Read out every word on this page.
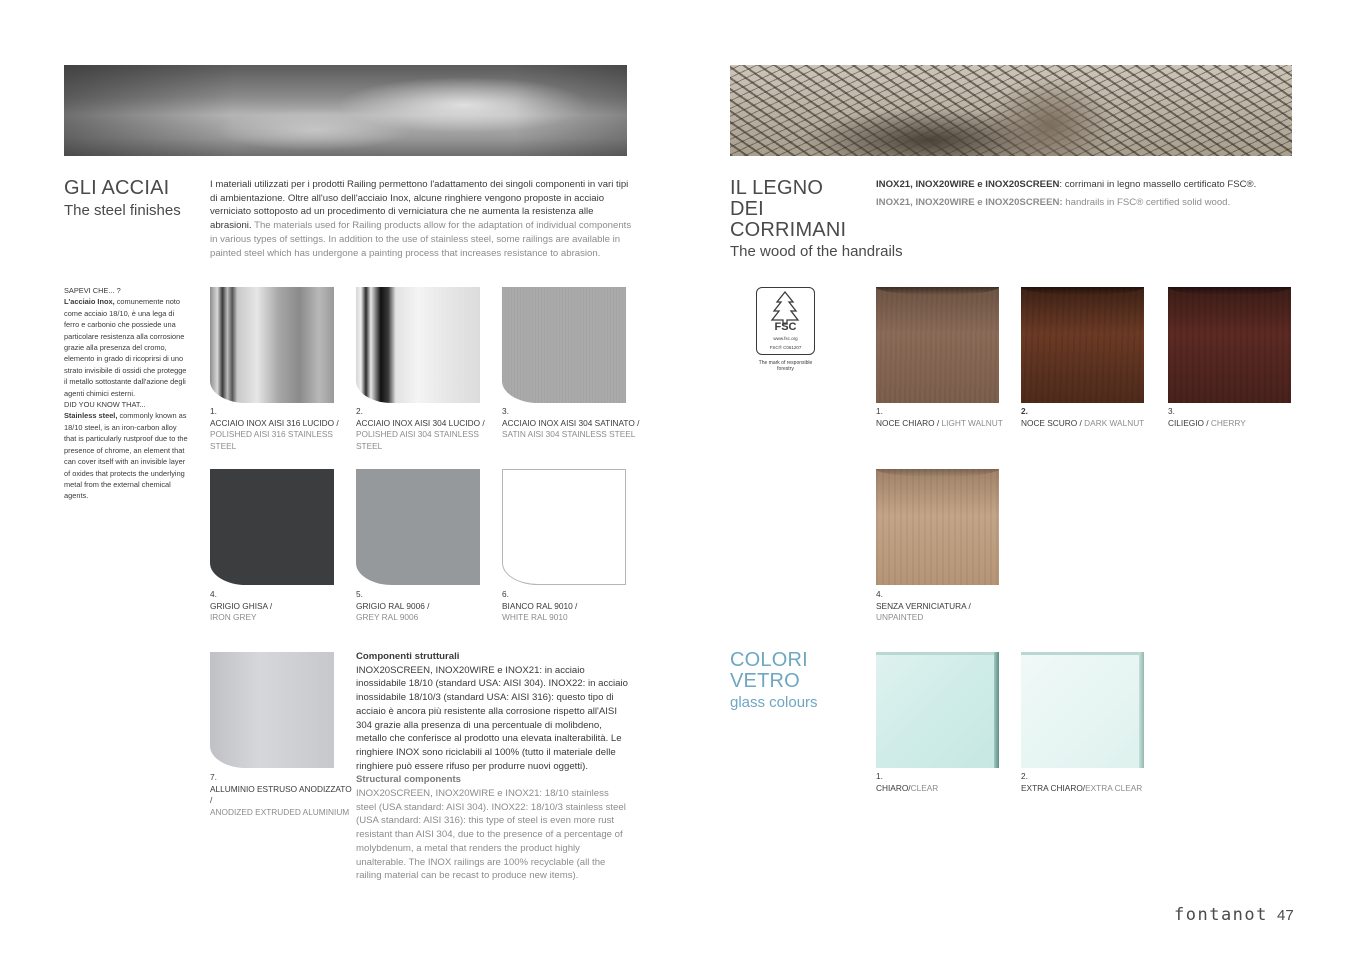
GLI ACCIAI
The steel finishes
I materiali utilizzati per i prodotti Railing permettono l'adattamento dei singoli componenti in vari tipi di ambientazione. Oltre all'uso dell'acciaio Inox, alcune ringhiere vengono proposte in acciaio verniciato sottoposto ad un procedimento di verniciatura che ne aumenta la resistenza alle abrasioni. The materials used for Railing products allow for the adaptation of individual components in various types of settings. In addition to the use of stainless steel, some railings are available in painted steel which has undergone a painting process that increases resistance to abrasion.
SAPEVI CHE... ?
L'acciaio Inox, comunemente noto come acciaio 18/10, è una lega di ferro e carbonio che possiede una particolare resistenza alla corrosione grazie alla presenza del cromo, elemento in grado di ricoprirsi di uno strato invisibile di ossidi che protegge il metallo sottostante dall'azione degli agenti chimici esterni.
DID YOU KNOW THAT...
Stainless steel, commonly known as 18/10 steel, is an iron-carbon alloy that is particularly rustproof due to the presence of chrome, an element that can cover itself with an invisible layer of oxides that protects the underlying metal from the external chemical agents.
1.
ACCIAIO INOX AISI 316 LUCIDO / POLISHED AISI 316 STAINLESS STEEL
2.
ACCIAIO INOX AISI 304 LUCIDO / POLISHED AISI 304 STAINLESS STEEL
3.
ACCIAIO INOX AISI 304 SATINATO / SATIN AISI 304 STAINLESS STEEL
4.
GRIGIO GHISA /
IRON GREY
5.
GRIGIO RAL 9006 /
GREY RAL 9006
6.
BIANCO RAL 9010 /
WHITE RAL 9010
7.
ALLUMINIO ESTRUSO ANODIZZATO /
ANODIZED EXTRUDED ALUMINIUM
Componenti strutturali
INOX20SCREEN, INOX20WIRE e INOX21: in acciaio inossidabile 18/10 (standard USA: AISI 304). INOX22: in acciaio inossidabile 18/10/3 (standard USA: AISI 316): questo tipo di acciaio è ancora più resistente alla corrosione rispetto all'AISI 304 grazie alla presenza di una percentuale di molibdeno, metallo che conferisce al prodotto una elevata inalterabilità. Le ringhiere INOX sono riciclabili al 100% (tutto il materiale delle ringhiere può essere rifuso per produrre nuovi oggetti).
Structural components
INOX20SCREEN, INOX20WIRE e INOX21: 18/10 stainless steel (USA standard: AISI 304). INOX22: 18/10/3 stainless steel (USA standard: AISI 316): this type of steel is even more rust resistant than AISI 304, due to the presence of a percentage of molybdenum, a metal that renders the product highly unalterable. The INOX railings are 100% recyclable (all the railing material can be recast to produce new items).
IL LEGNO
DEI
CORRIMANI
The wood of the handrails
INOX21, INOX20WIRE e INOX20SCREEN: corrimani in legno massello certificato FSC®.
INOX21, INOX20WIRE e INOX20SCREEN: handrails in FSC® certified solid wood.
FSC
www.fsc.org
FSC® C061207
The mark of responsible forestry
1.
NOCE CHIARO / LIGHT WALNUT
2.
NOCE SCURO / DARK WALNUT
3.
CILIEGIO / CHERRY
4.
SENZA VERNICIATURA /
UNPAINTED
COLORI
VETRO
glass colours
1.
CHIARO/CLEAR
2.
EXTRA CHIARO/EXTRA CLEAR
fontanot 47
